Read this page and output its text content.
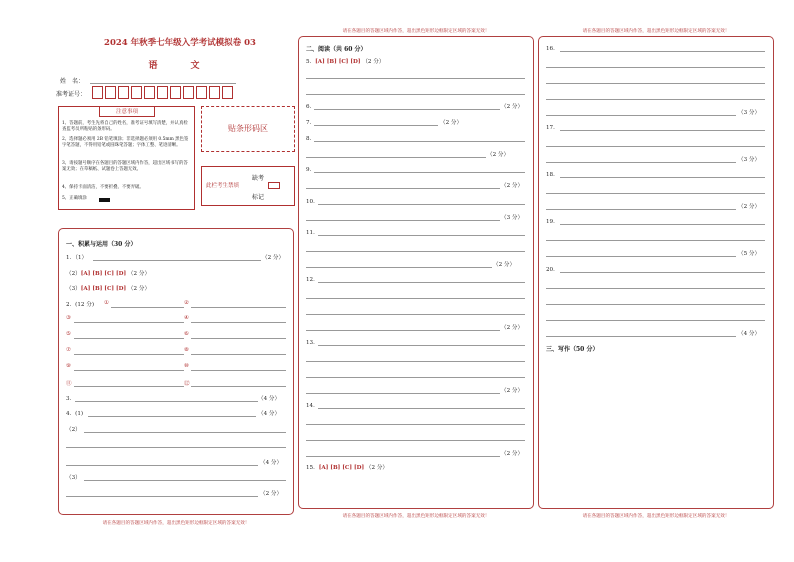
2024 年秋季七年级入学考试模拟卷 03
语　文
姓　名：
准考证号：
注意事项
1、答题前，考生先将自己的姓名，准考证号填写清楚，并认真检查监考员所粘贴的条形码。
2、选择题必须用 2B 铅笔填涂；非选择题必须用 0.5mm 黑色签字笔答题，不得用铅笔或圆珠笔答题；字体工整、笔迹清晰。
3、请按题号顺序在各题目的答题区域内作答，超出区域书写的答案无效；在草稿纸、试题卷上答题无效。
4、保持卡面清洁，不要折叠、不要弄破。
5、正确填涂
贴条形码区
此栏考生禁填
缺考
标记
一、积累与运用（30 分）
1．（1）	（2 分）
（2）[A] [B] [C] [D] （2 分）
（3）[A] [B] [C] [D] （2 分）
2．(12 分) ①	②
③	④
⑤	⑥
⑦	⑧
⑨	⑩
⑪	⑫
3．	（4 分）
4．(1)	（4 分）
（2）
（4 分）
（3）
（2 分）
请在各题目的答题区域内作答，超出黑色矩形边框限定区域的答案无效！
请在各题目的答题区域内作答，超出黑色矩形边框限定区域的答案无效！
二、阅读（共 60 分）
5．[A] [B] [C] [D] （2 分）
6．	（2 分）
7．	（2 分）
8．
（2 分）
9．
（2 分）
10．
（3 分）
11．
（2 分）
12．
（2 分）
13．
（2 分）
14．
（2 分）
15．[A] [B] [C] [D] （2 分）
请在各题目的答题区域内作答，超出黑色矩形边框限定区域的答案无效！
请在各题目的答题区域内作答，超出黑色矩形边框限定区域的答案无效！
16．
（3 分）
17．
（3 分）
18．
（2 分）
19．
（5 分）
20．
（4 分）
三、写作（50 分）
请在各题目的答题区域内作答，超出黑色矩形边框限定区域的答案无效！
